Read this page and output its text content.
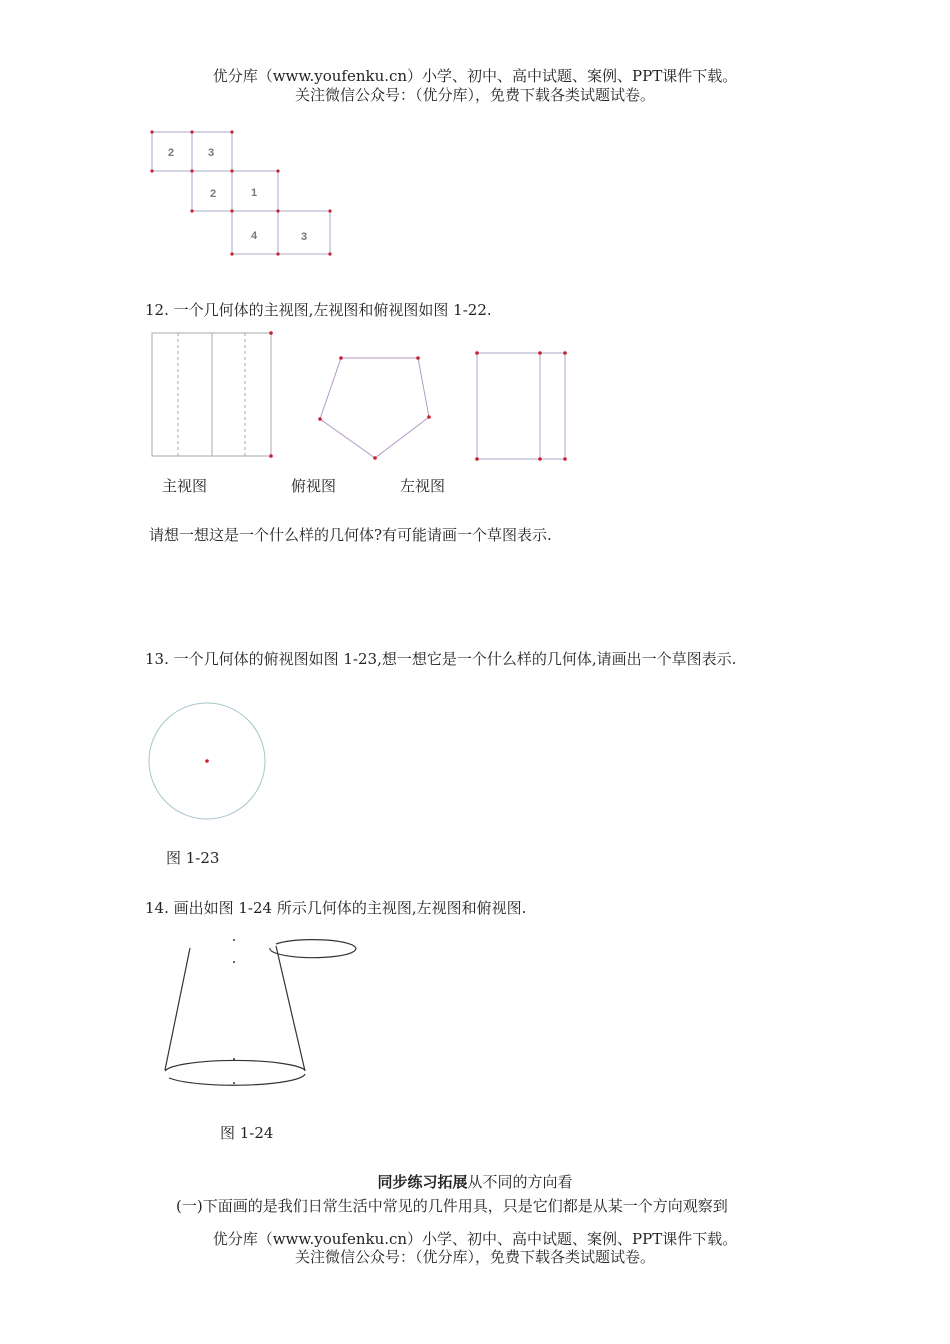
优分库（www.youfenku.cn）小学、初中、高中试题、案例、PPT课件下载。
关注微信公众号：（优分库），免费下载各类试题试卷。
2	3
2	1
4	3
12. 一个几何体的主视图,左视图和俯视图如图 1-22.
主视图	俯视图	左视图
请想一想这是一个什么样的几何体?有可能请画一个草图表示.
13. 一个几何体的俯视图如图 1-23,想一想它是一个什么样的几何体,请画出一个草图表示.
图 1-23
14. 画出如图 1-24 所示几何体的主视图,左视图和俯视图.
图 1-24
同步练习拓展从不同的方向看
(一)下面画的是我们日常生活中常见的几件用具，只是它们都是从某一个方向观察到
优分库（www.youfenku.cn）小学、初中、高中试题、案例、PPT课件下载。
关注微信公众号：（优分库），免费下载各类试题试卷。
